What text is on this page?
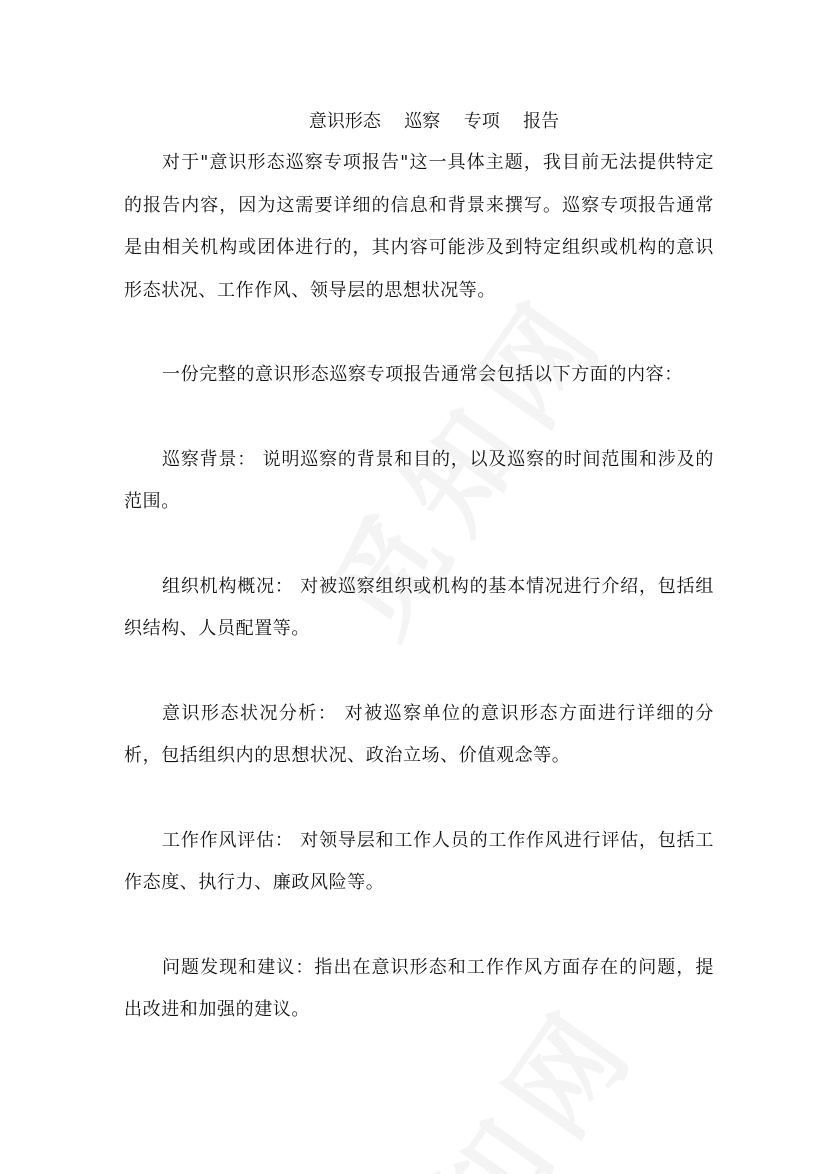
意识形态  巡察  专项  报告

对于"意识形态巡察专项报告"这一具体主题，我目前无法提供特定的报告内容，因为这需要详细的信息和背景来撰写。巡察专项报告通常是由相关机构或团体进行的，其内容可能涉及到特定组织或机构的意识形态状况、工作作风、领导层的思想状况等。

一份完整的意识形态巡察专项报告通常会包括以下方面的内容：

巡察背景： 说明巡察的背景和目的，以及巡察的时间范围和涉及的范围。

组织机构概况： 对被巡察组织或机构的基本情况进行介绍，包括组织结构、人员配置等。

意识形态状况分析： 对被巡察单位的意识形态方面进行详细的分析，包括组织内的思想状况、政治立场、价值观念等。

工作作风评估： 对领导层和工作人员的工作作风进行评估，包括工作态度、执行力、廉政风险等。

问题发现和建议：指出在意识形态和工作作风方面存在的问题，提出改进和加强的建议。
